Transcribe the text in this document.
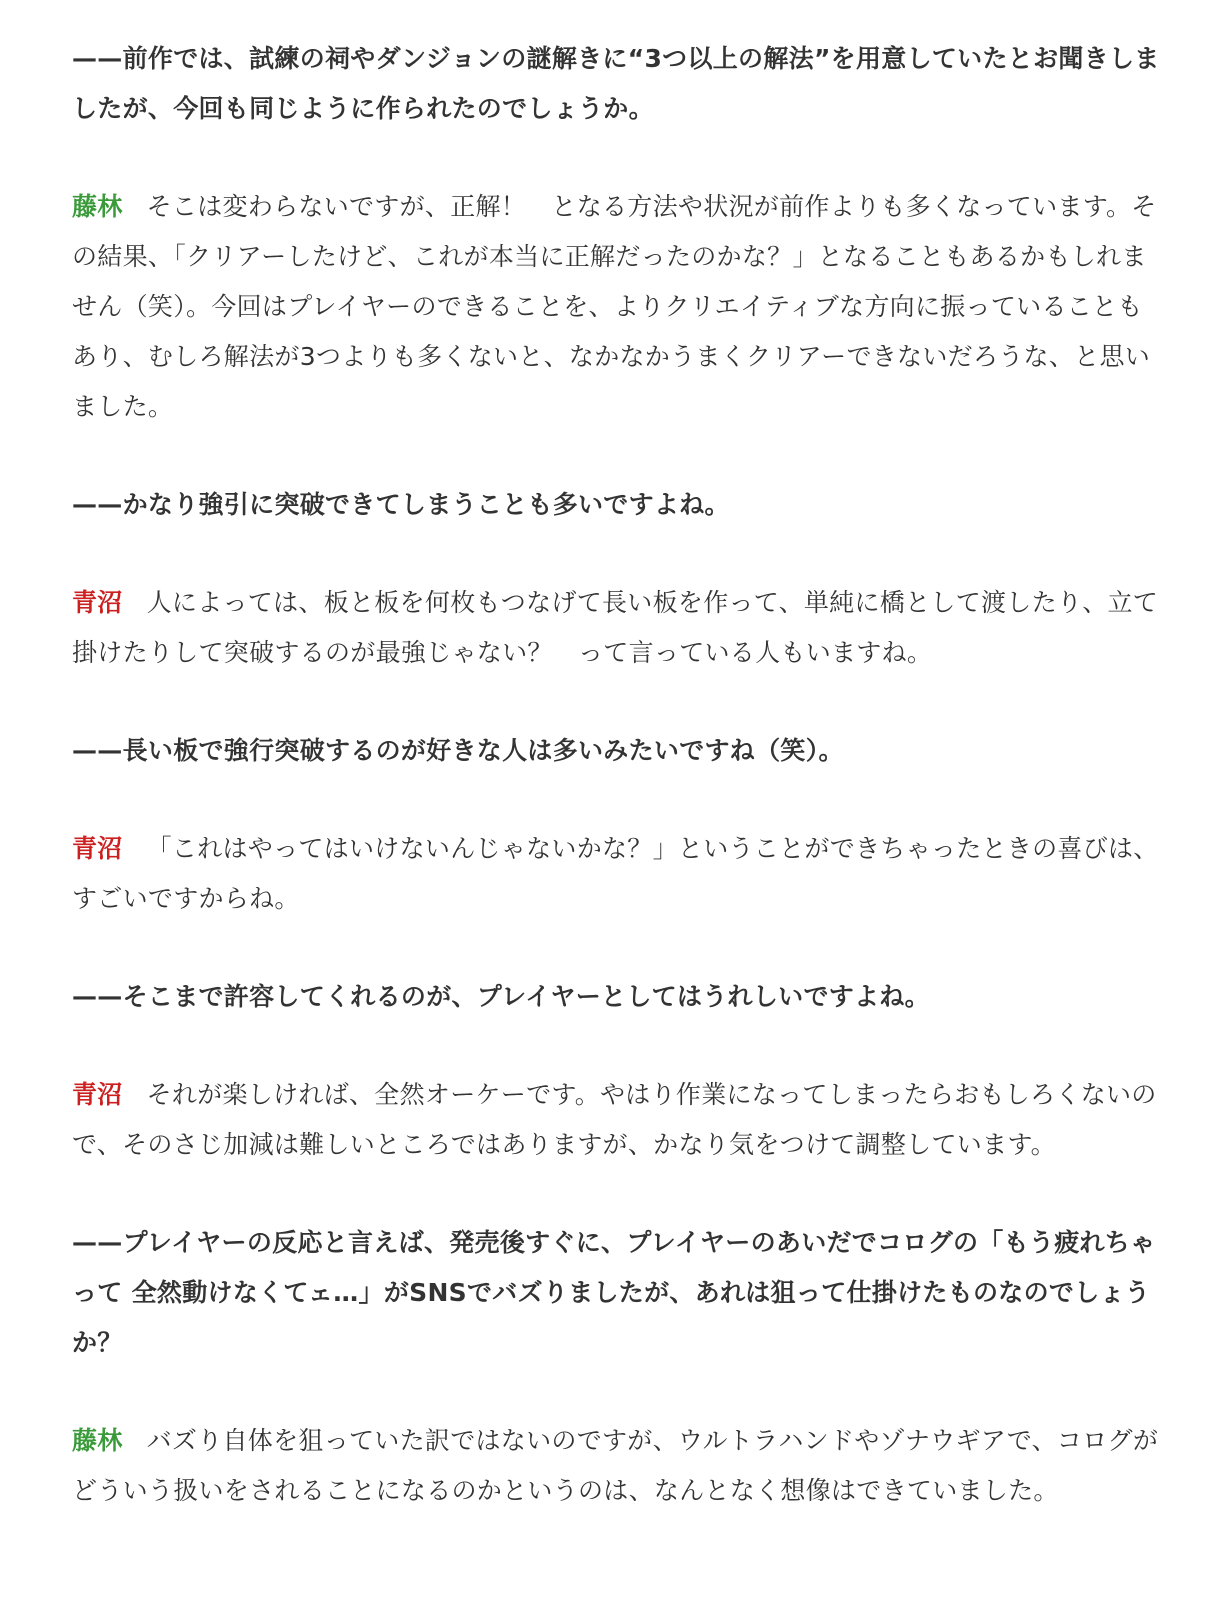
——前作では、試練の祠やダンジョンの謎解きに“3つ以上の解法”を用意していたとお聞きしましたが、今回も同じように作られたのでしょうか。

藤林 そこは変わらないですが、正解！　となる方法や状況が前作よりも多くなっています。その結果、「クリアーしたけど、これが本当に正解だったのかな？」となることもあるかもしれません（笑）。今回はプレイヤーのできることを、よりクリエイティブな方向に振っていることもあり、むしろ解法が3つよりも多くないと、なかなかうまくクリアーできないだろうな、と思いました。

——かなり強引に突破できてしまうことも多いですよね。

青沼 人によっては、板と板を何枚もつなげて長い板を作って、単純に橋として渡したり、立て掛けたりして突破するのが最強じゃない？　って言っている人もいますね。

——長い板で強行突破するのが好きな人は多いみたいですね（笑）。

青沼 「これはやってはいけないんじゃないかな？」ということができちゃったときの喜びは、すごいですからね。

——そこまで許容してくれるのが、プレイヤーとしてはうれしいですよね。

青沼 それが楽しければ、全然オーケーです。やはり作業になってしまったらおもしろくないので、そのさじ加減は難しいところではありますが、かなり気をつけて調整しています。

——プレイヤーの反応と言えば、発売後すぐに、プレイヤーのあいだでコログの「もう疲れちゃって 全然動けなくてェ…」がSNSでバズりましたが、あれは狙って仕掛けたものなのでしょうか？

藤林 バズり自体を狙っていた訳ではないのですが、ウルトラハンドやゾナウギアで、コログがどういう扱いをされることになるのかというのは、なんとなく想像はできていました。
